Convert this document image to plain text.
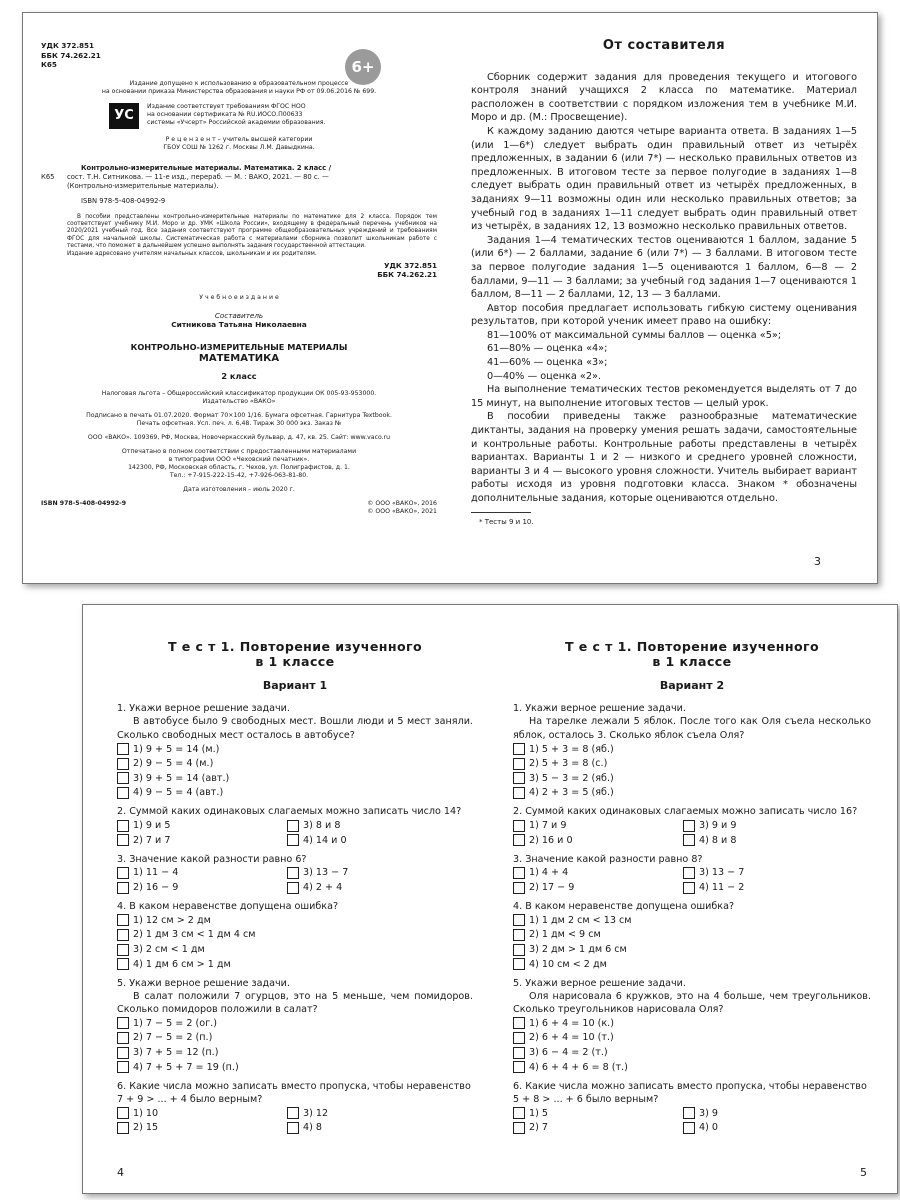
УДК 372.851
ББК 74.262.21
К65	6+
Издание допущено к использованию в образовательном процессе
на основании приказа Министерства образования и науки РФ от 09.06.2016 № 699.
УС
Издание соответствует требованиям ФГОС НОО
на основании сертификата № RU.ИОСО.П00633
системы «Учсерт» Российской академии образования.
Р е ц е н з е н т – учитель высшей категории
ГБОУ СОШ № 1262 г. Москвы Л.М. Давыдкина.
К65
Контрольно-измерительные материалы. Математика. 2 класс /
сост. Т.Н. Ситникова. — 11-е изд., перераб. — М. : ВАКО, 2021. — 80 с. —
(Контрольно-измерительные материалы).
ISBN 978-5-408-04992-9
В пособии представлены контрольно-измерительные материалы по математике для 2 класса. Порядок тем соответствует учебнику М.И. Моро и др. УМК «Школа России», входящему в федеральный перечень учебников на 2020/2021 учебный год. Все задания соответствуют программе общеобразовательных учреждений и требованиям ФГОС для начальной школы. Систематическая работа с материалами сборника позволит школьникам работе с тестами, что поможет в дальнейшем успешно выполнять задания государственной аттестации.
Издание адресовано учителям начальных классов, школьникам и их родителям.
УДК 372.851
ББК 74.262.21
У ч е б н о е и з д а н и е
Составитель
Ситникова Татьяна Николаевна
КОНТРОЛЬНО-ИЗМЕРИТЕЛЬНЫЕ МАТЕРИАЛЫ
МАТЕМАТИКА
2 класс
Налоговая льгота – Общероссийский классификатор продукции ОК 005-93-953000.
Издательство «ВАКО»
Подписано в печать 01.07.2020. Формат 70×100 1/16. Бумага офсетная. Гарнитура Textbook.
Печать офсетная. Усл. печ. л. 6,48. Тираж 30 000 экз. Заказ №
ООО «ВАКО». 109369, РФ, Москва, Новочеркасский бульвар, д. 47, кв. 25. Сайт: www.vaco.ru
Отпечатано в полном соответствии с предоставленными материалами
в типографии ООО «Чеховский печатник».
142300, РФ, Московская область, г. Чехов, ул. Полиграфистов, д. 1.
Тел.: +7-915-222-15-42, +7-926-063-81-80.
Дата изготовления – июль 2020 г.
ISBN 978-5-408-04992-9	© ООО «ВАКО», 2016
© ООО «ВАКО», 2021
От составителя

Сборник содержит задания для проведения текущего и итогового контроля знаний учащихся 2 класса по математике. Материал расположен в соответствии с порядком изложения тем в учебнике М.И. Моро и др. (М.: Просвещение).

К каждому заданию даются четыре варианта ответа. В заданиях 1—5 (или 1—6*) следует выбрать один правильный ответ из четырёх предложенных, в задании 6 (или 7*) — несколько правильных ответов из предложенных. В итоговом тесте за первое полугодие в заданиях 1—8 следует выбрать один правильный ответ из четырёх предложенных, в заданиях 9—11 возможны один или несколько правильных ответов; за учебный год в заданиях 1—11 следует выбрать один правильный ответ из четырёх, в заданиях 12, 13 возможно несколько правильных ответов.

Задания 1—4 тематических тестов оцениваются 1 баллом, задание 5 (или 6*) — 2 баллами, задание 6 (или 7*) — 3 баллами. В итоговом тесте за первое полугодие задания 1—5 оцениваются 1 баллом, 6—8 — 2 баллами, 9—11 — 3 баллами; за учебный год задания 1—7 оцениваются 1 баллом, 8—11 — 2 баллами, 12, 13 — 3 баллами.

Автор пособия предлагает использовать гибкую систему оценивания результатов, при которой ученик имеет право на ошибку:

81—100% от максимальной суммы баллов — оценка «5»;

61—80% — оценка «4»;

41—60% — оценка «3»;

0—40% — оценка «2».

На выполнение тематических тестов рекомендуется выделять от 7 до 15 минут, на выполнение итоговых тестов — целый урок.

В пособии приведены также разнообразные математические диктанты, задания на проверку умения решать задачи, самостоятельные и контрольные работы. Контрольные работы представлены в четырёх вариантах. Варианты 1 и 2 — низкого и среднего уровней сложности, варианты 3 и 4 — высокого уровня сложности. Учитель выбирает вариант работы исходя из уровня подготовки класса. Знаком * обозначены дополнительные задания, которые оцениваются отдельно.

* Тесты 9 и 10.
3
Т е с т 1. Повторение изученного
в 1 классе
Вариант 1
1. Укажи верное решение задачи.
В автобусе было 9 свободных мест. Вошли люди и 5 мест заняли. Сколько свободных мест осталось в автобусе?
1) 9 + 5 = 14 (м.)
2) 9 − 5 = 4 (м.)
3) 9 + 5 = 14 (авт.)
4) 9 − 5 = 4 (авт.)
2. Суммой каких одинаковых слагаемых можно записать число 14?
1) 9 и 5	3) 8 и 8
2) 7 и 7	4) 14 и 0
3. Значение какой разности равно 6?
1) 11 − 4	3) 13 − 7
2) 16 − 9	4) 2 + 4
4. В каком неравенстве допущена ошибка?
1) 12 см > 2 дм
2) 1 дм 3 см < 1 дм 4 см
3) 2 см < 1 дм
4) 1 дм 6 см > 1 дм
5. Укажи верное решение задачи.
В салат положили 7 огурцов, это на 5 меньше, чем помидоров. Сколько помидоров положили в салат?
1) 7 − 5 = 2 (ог.)
2) 7 − 5 = 2 (п.)
3) 7 + 5 = 12 (п.)
4) 7 + 5 + 7 = 19 (п.)
6. Какие числа можно записать вместо пропуска, чтобы неравенство 7 + 9 > ... + 4 было верным?
1) 10	3) 12
2) 15	4) 8
4
Т е с т 1. Повторение изученного
в 1 классе
Вариант 2
1. Укажи верное решение задачи.
На тарелке лежали 5 яблок. После того как Оля съела несколько яблок, осталось 3. Сколько яблок съела Оля?
1) 5 + 3 = 8 (яб.)
2) 5 + 3 = 8 (с.)
3) 5 − 3 = 2 (яб.)
4) 2 + 3 = 5 (яб.)
2. Суммой каких одинаковых слагаемых можно записать число 16?
1) 7 и 9	3) 9 и 9
2) 16 и 0	4) 8 и 8
3. Значение какой разности равно 8?
1) 4 + 4	3) 13 − 7
2) 17 − 9	4) 11 − 2
4. В каком неравенстве допущена ошибка?
1) 1 дм 2 см < 13 см
2) 1 дм < 9 см
3) 2 дм > 1 дм 6 см
4) 10 см < 2 дм
5. Укажи верное решение задачи.
Оля нарисовала 6 кружков, это на 4 больше, чем треугольников. Сколько треугольников нарисовала Оля?
1) 6 + 4 = 10 (к.)
2) 6 + 4 = 10 (т.)
3) 6 − 4 = 2 (т.)
4) 6 + 4 + 6 = 8 (т.)
6. Какие числа можно записать вместо пропуска, чтобы неравенство 5 + 8 > ... + 6 было верным?
1) 5	3) 9
2) 7	4) 0
5
